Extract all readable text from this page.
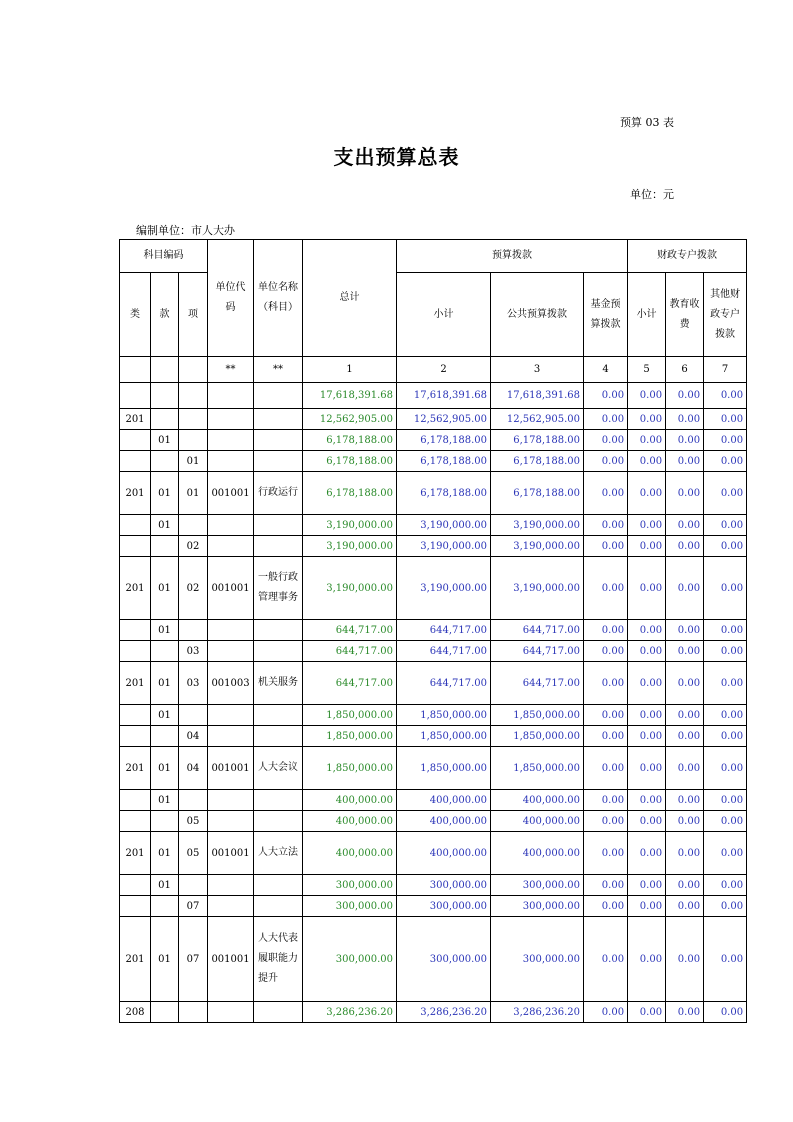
预算 03 表
支出预算总表
单位：元
编制单位：市人大办
科目编码			单位代码	单位名称（科目）	总计	预算拨款			财政专户拨款		
类	款	项				小计	公共预算拨款	基金预算拨款	小计	教育收费	其他财政专户拨款

			**	**	1	2	3	4	5	6	7
					17,618,391.68	17,618,391.68	17,618,391.68	0.00	0.00	0.00	0.00
201					12,562,905.00	12,562,905.00	12,562,905.00	0.00	0.00	0.00	0.00
	01				6,178,188.00	6,178,188.00	6,178,188.00	0.00	0.00	0.00	0.00
		01			6,178,188.00	6,178,188.00	6,178,188.00	0.00	0.00	0.00	0.00
201	01	01	001001	行政运行	6,178,188.00	6,178,188.00	6,178,188.00	0.00	0.00	0.00	0.00
	01				3,190,000.00	3,190,000.00	3,190,000.00	0.00	0.00	0.00	0.00
		02			3,190,000.00	3,190,000.00	3,190,000.00	0.00	0.00	0.00	0.00
201	01	02	001001	一般行政管理事务	3,190,000.00	3,190,000.00	3,190,000.00	0.00	0.00	0.00	0.00
	01				644,717.00	644,717.00	644,717.00	0.00	0.00	0.00	0.00
		03			644,717.00	644,717.00	644,717.00	0.00	0.00	0.00	0.00
201	01	03	001003	机关服务	644,717.00	644,717.00	644,717.00	0.00	0.00	0.00	0.00
	01				1,850,000.00	1,850,000.00	1,850,000.00	0.00	0.00	0.00	0.00
		04			1,850,000.00	1,850,000.00	1,850,000.00	0.00	0.00	0.00	0.00
201	01	04	001001	人大会议	1,850,000.00	1,850,000.00	1,850,000.00	0.00	0.00	0.00	0.00
	01				400,000.00	400,000.00	400,000.00	0.00	0.00	0.00	0.00
		05			400,000.00	400,000.00	400,000.00	0.00	0.00	0.00	0.00
201	01	05	001001	人大立法	400,000.00	400,000.00	400,000.00	0.00	0.00	0.00	0.00
	01				300,000.00	300,000.00	300,000.00	0.00	0.00	0.00	0.00
		07			300,000.00	300,000.00	300,000.00	0.00	0.00	0.00	0.00
201	01	07	001001	人大代表履职能力提升	300,000.00	300,000.00	300,000.00	0.00	0.00	0.00	0.00
208					3,286,236.20	3,286,236.20	3,286,236.20	0.00	0.00	0.00	0.00
